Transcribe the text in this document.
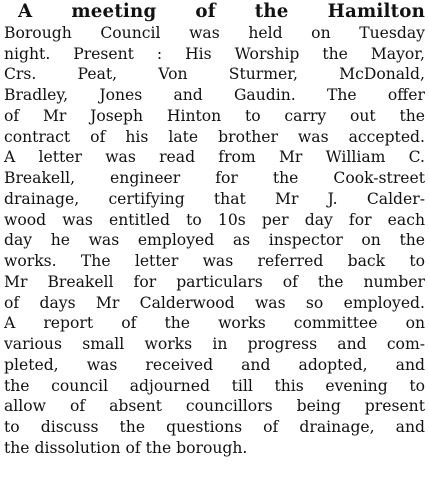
A meeting of the Hamilton
Borough Council was held on Tuesday
night. Present : His Worship the Mayor,
Crs. Peat, Von Sturmer, McDonald,
Bradley, Jones and Gaudin. The offer
of Mr Joseph Hinton to carry out the
contract of his late brother was accepted.
A letter was read from Mr William C.
Breakell, engineer for the Cook-street
drainage, certifying that Mr J. Calder-
wood was entitled to 10s per day for each
day he was employed as inspector on the
works. The letter was referred back to
Mr Breakell for particulars of the number
of days Mr Calderwood was so employed.
A report of the works committee on
various small works in progress and com-
pleted, was received and adopted, and
the council adjourned till this evening to
allow of absent councillors being present
to discuss the questions of drainage, and
the dissolution of the borough.
